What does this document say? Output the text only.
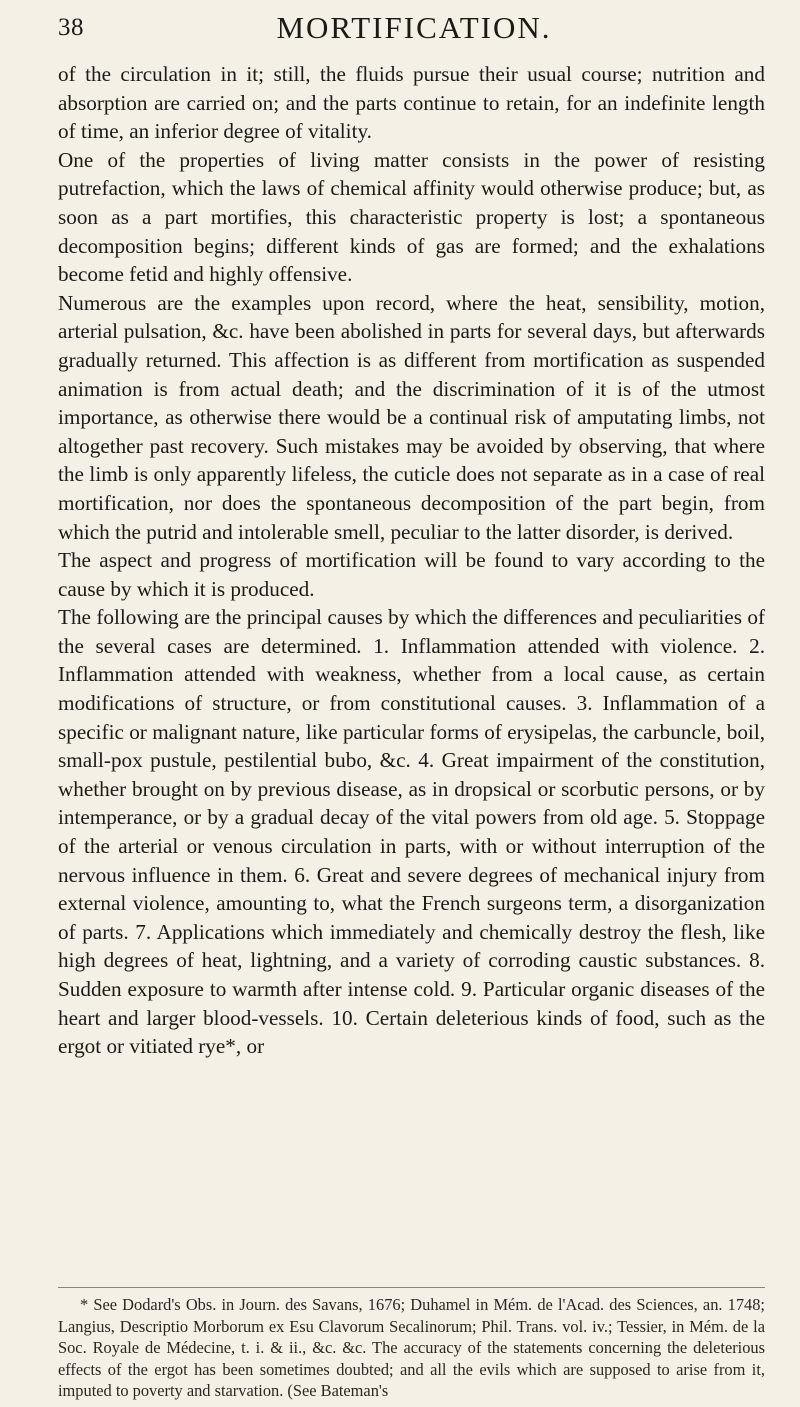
38	MORTIFICATION.

of the circulation in it; still, the fluids pursue their usual course; nutrition and absorption are carried on; and the parts continue to retain, for an indefinite length of time, an inferior degree of vitality.

One of the properties of living matter consists in the power of resisting putrefaction, which the laws of chemical affinity would otherwise produce; but, as soon as a part mortifies, this characteristic property is lost; a spontaneous decomposition begins; different kinds of gas are formed; and the exhalations become fetid and highly offensive.

Numerous are the examples upon record, where the heat, sensibility, motion, arterial pulsation, &c. have been abolished in parts for several days, but afterwards gradually returned. This affection is as different from mortification as suspended animation is from actual death; and the discrimination of it is of the utmost importance, as otherwise there would be a continual risk of amputating limbs, not altogether past recovery. Such mistakes may be avoided by observing, that where the limb is only apparently lifeless, the cuticle does not separate as in a case of real mortification, nor does the spontaneous decomposition of the part begin, from which the putrid and intolerable smell, peculiar to the latter disorder, is derived.

The aspect and progress of mortification will be found to vary according to the cause by which it is produced.

The following are the principal causes by which the differences and peculiarities of the several cases are determined. 1. Inflammation attended with violence. 2. Inflammation attended with weakness, whether from a local cause, as certain modifications of structure, or from constitutional causes. 3. Inflammation of a specific or malignant nature, like particular forms of erysipelas, the carbuncle, boil, small-pox pustule, pestilential bubo, &c. 4. Great impairment of the constitution, whether brought on by previous disease, as in dropsical or scorbutic persons, or by intemperance, or by a gradual decay of the vital powers from old age. 5. Stoppage of the arterial or venous circulation in parts, with or without interruption of the nervous influence in them. 6. Great and severe degrees of mechanical injury from external violence, amounting to, what the French surgeons term, a disorganization of parts. 7. Applications which immediately and chemically destroy the flesh, like high degrees of heat, lightning, and a variety of corroding caustic substances. 8. Sudden exposure to warmth after intense cold. 9. Particular organic diseases of the heart and larger blood-vessels. 10. Certain deleterious kinds of food, such as the ergot or vitiated rye*, or

* See Dodard's Obs. in Journ. des Savans, 1676; Duhamel in Mém. de l'Acad. des Sciences, an. 1748; Langius, Descriptio Morborum ex Esu Clavorum Secalinorum; Phil. Trans. vol. iv.; Tessier, in Mém. de la Soc. Royale de Médecine, t. i. & ii., &c. &c. The accuracy of the statements concerning the deleterious effects of the ergot has been sometimes doubted; and all the evils which are supposed to arise from it, imputed to poverty and starvation. (See Bateman's
